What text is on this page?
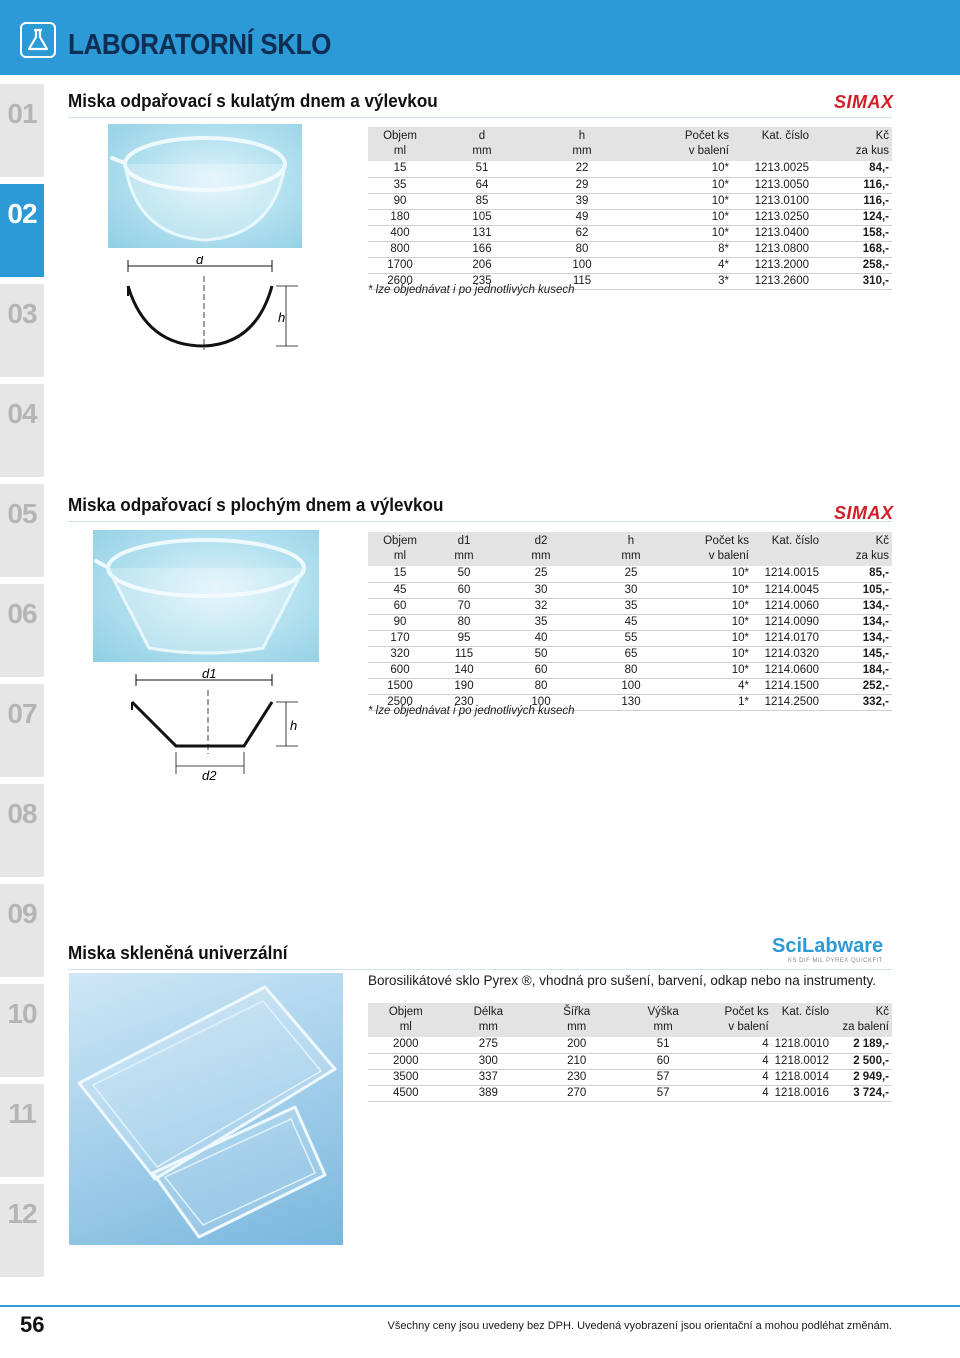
LABORATORNÍ SKLO
01
02
03
04
05
06
07
08
09
10
11
12
Miska odpařovací s kulatým dnem a výlevkou	SIMAX
d
h
Objem	d	h	Počet ks	Kat. číslo	Kč
ml	mm	mm	v balení		za kus
15	51	22	10*	1213.0025	84,-
35	64	29	10*	1213.0050	116,-
90	85	39	10*	1213.0100	116,-
180	105	49	10*	1213.0250	124,-
400	131	62	10*	1213.0400	158,-
800	166	80	8*	1213.0800	168,-
1700	206	100	4*	1213.2000	258,-
2600	235	115	3*	1213.2600	310,-
* lze objednávat i po jednotlivých kusech
Miska odpařovací s plochým dnem a výlevkou	SIMAX
d1
h
d2
Objem	d1	d2	h	Počet ks	Kat. číslo	Kč
ml	mm	mm	mm	v balení		za kus
15	50	25	25	10*	1214.0015	85,-
45	60	30	30	10*	1214.0045	105,-
60	70	32	35	10*	1214.0060	134,-
90	80	35	45	10*	1214.0090	134,-
170	95	40	55	10*	1214.0170	134,-
320	115	50	65	10*	1214.0320	145,-
600	140	60	80	10*	1214.0600	184,-
1500	190	80	100	4*	1214.1500	252,-
2500	230	100	130	1*	1214.2500	332,-
* lze objednávat i po jednotlivých kusech
Miska skleněná univerzální	SciLabware
KS DIF MIL PYREX QUICKFIT
Borosilikátové sklo Pyrex ®, vhodná pro sušení, barvení, odkap nebo na instrumenty.
Objem	Délka	Šířka	Výška	Počet ks	Kat. číslo	Kč
ml	mm	mm	mm	v balení		za balení
2000	275	200	51	4	1218.0010	2 189,-
2000	300	210	60	4	1218.0012	2 500,-
3500	337	230	57	4	1218.0014	2 949,-
4500	389	270	57	4	1218.0016	3 724,-
56	Všechny ceny jsou uvedeny bez DPH. Uvedená vyobrazení jsou orientační a mohou podléhat změnám.
